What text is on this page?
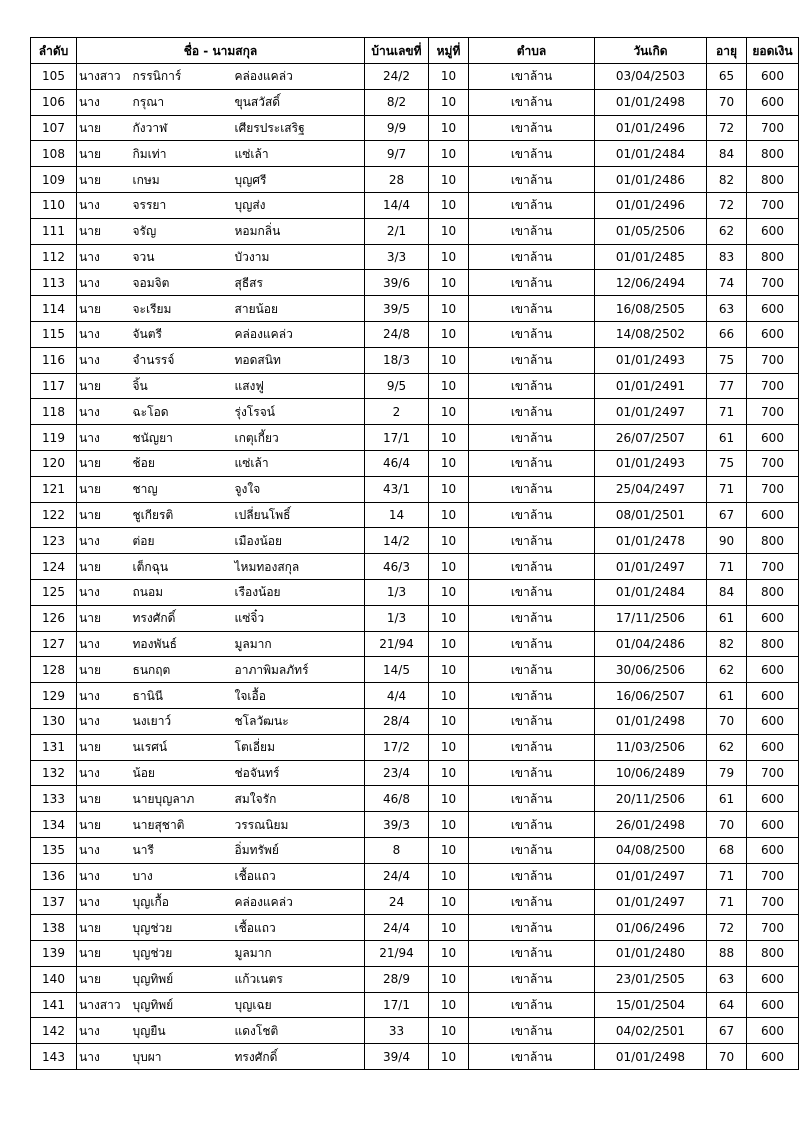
ลำดับ	ชื่อ - นามสกุล			บ้านเลขที่	หมู่ที่	ตำบล	วันเกิด	อายุ	ยอดเงิน
105	นางสาว	กรรนิการ์	คล่องแคล่ว	24/2	10	เขาล้าน	03/04/2503	65	600
106	นาง	กรุณา	ขุนสวัสดิ์	8/2	10	เขาล้าน	01/01/2498	70	600
107	นาย	กังวาฬ	เศียรประเสริฐ	9/9	10	เขาล้าน	01/01/2496	72	700
108	นาย	กิมเท่า	แซ่เล้า	9/7	10	เขาล้าน	01/01/2484	84	800
109	นาย	เกษม	บุญศรี	28	10	เขาล้าน	01/01/2486	82	800
110	นาง	จรรยา	บุญส่ง	14/4	10	เขาล้าน	01/01/2496	72	700
111	นาย	จรัญ	หอมกลิ่น	2/1	10	เขาล้าน	01/05/2506	62	600
112	นาง	จวน	บัวงาม	3/3	10	เขาล้าน	01/01/2485	83	800
113	นาง	จอมจิต	สุธีสร	39/6	10	เขาล้าน	12/06/2494	74	700
114	นาย	จะเรียม	สายน้อย	39/5	10	เขาล้าน	16/08/2505	63	600
115	นาง	จันตรี	คล่องแคล่ว	24/8	10	เขาล้าน	14/08/2502	66	600
116	นาง	จำนรรจ์	ทอดสนิท	18/3	10	เขาล้าน	01/01/2493	75	700
117	นาย	จิ้น	แสงฟู	9/5	10	เขาล้าน	01/01/2491	77	700
118	นาง	ฉะโอด	รุ่งโรจน์	2	10	เขาล้าน	01/01/2497	71	700
119	นาง	ชนัญยา	เกตุเกี้ยว	17/1	10	เขาล้าน	26/07/2507	61	600
120	นาย	ช้อย	แซ่เล้า	46/4	10	เขาล้าน	01/01/2493	75	700
121	นาย	ชาญ	จูงใจ	43/1	10	เขาล้าน	25/04/2497	71	700
122	นาย	ชูเกียรติ	เปลี่ยนโพธิ์	14	10	เขาล้าน	08/01/2501	67	600
123	นาง	ต่อย	เมืองน้อย	14/2	10	เขาล้าน	01/01/2478	90	800
124	นาย	เต็กฉุน	ไหมทองสกุล	46/3	10	เขาล้าน	01/01/2497	71	700
125	นาง	ถนอม	เรืองน้อย	1/3	10	เขาล้าน	01/01/2484	84	800
126	นาย	ทรงศักดิ์	แซ่จิ๋ว	1/3	10	เขาล้าน	17/11/2506	61	600
127	นาง	ทองพันธ์	มูลมาก	21/94	10	เขาล้าน	01/04/2486	82	800
128	นาย	ธนกฤต	อาภาพิมลภัทร์	14/5	10	เขาล้าน	30/06/2506	62	600
129	นาง	ธานินี	ใจเอื้อ	4/4	10	เขาล้าน	16/06/2507	61	600
130	นาง	นงเยาว์	ชโลวัฒนะ	28/4	10	เขาล้าน	01/01/2498	70	600
131	นาย	นเรศน์	โตเอี่ยม	17/2	10	เขาล้าน	11/03/2506	62	600
132	นาง	น้อย	ช่อจันทร์	23/4	10	เขาล้าน	10/06/2489	79	700
133	นาย	นายบุญลาภ	สมใจรัก	46/8	10	เขาล้าน	20/11/2506	61	600
134	นาย	นายสุชาติ	วรรณนิยม	39/3	10	เขาล้าน	26/01/2498	70	600
135	นาง	นารี	อิ่มทรัพย์	8	10	เขาล้าน	04/08/2500	68	600
136	นาง	บาง	เชื้อแถว	24/4	10	เขาล้าน	01/01/2497	71	700
137	นาง	บุญเกื้อ	คล่องแคล่ว	24	10	เขาล้าน	01/01/2497	71	700
138	นาย	บุญช่วย	เชื้อแถว	24/4	10	เขาล้าน	01/06/2496	72	700
139	นาย	บุญช่วย	มูลมาก	21/94	10	เขาล้าน	01/01/2480	88	800
140	นาย	บุญทิพย์	แก้วเนตร	28/9	10	เขาล้าน	23/01/2505	63	600
141	นางสาว	บุญทิพย์	บุญเฉย	17/1	10	เขาล้าน	15/01/2504	64	600
142	นาง	บุญยืน	แดงโชติ	33	10	เขาล้าน	04/02/2501	67	600
143	นาง	บุบผา	ทรงศักดิ์	39/4	10	เขาล้าน	01/01/2498	70	600
